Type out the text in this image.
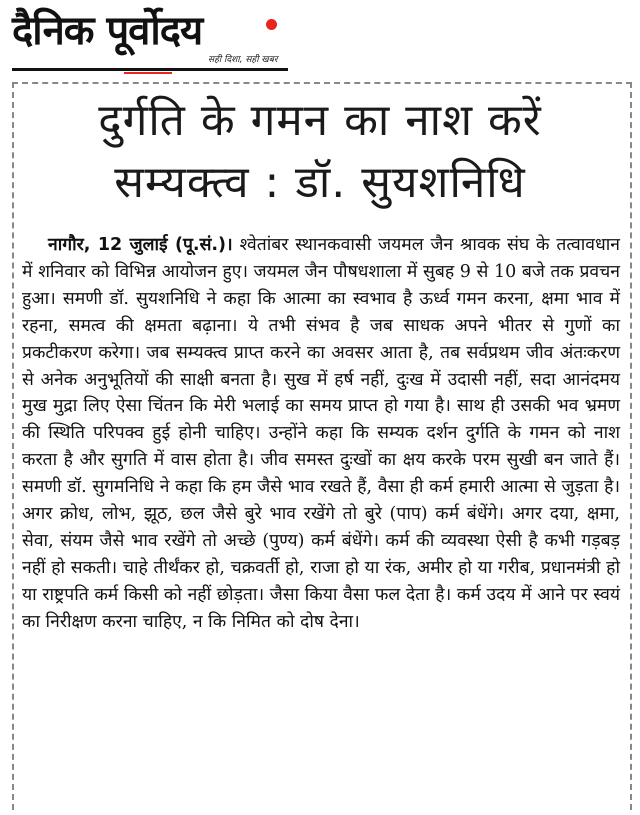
दैनिक पूर्वोदय
सही दिशा, सही खबर
दुर्गति के गमन का नाश करें
सम्यक्त्व : डॉ. सुयशनिधि
नागौर, 12 जुलाई (पू.सं.)। श्वेतांबर स्थानकवासी जयमल जैन श्रावक संघ के तत्वावधान में शनिवार को विभिन्न आयोजन हुए। जयमल जैन पौषधशाला में सुबह 9 से 10 बजे तक प्रवचन हुआ। समणी डॉ. सुयशनिधि ने कहा कि आत्मा का स्वभाव है ऊर्ध्व गमन करना, क्षमा भाव में रहना, समत्व की क्षमता बढ़ाना। ये तभी संभव है जब साधक अपने भीतर से गुणों का प्रकटीकरण करेगा। जब सम्यक्त्व प्राप्त करने का अवसर आता है, तब सर्वप्रथम जीव अंतःकरण से अनेक अनुभूतियों की साक्षी बनता है। सुख में हर्ष नहीं, दुःख में उदासी नहीं, सदा आनंदमय मुख मुद्रा लिए ऐसा चिंतन कि मेरी भलाई का समय प्राप्त हो गया है। साथ ही उसकी भव भ्रमण की स्थिति परिपक्व हुई होनी चाहिए। उन्होंने कहा कि सम्यक दर्शन दुर्गति के गमन को नाश करता है और सुगति में वास होता है। जीव समस्त दुःखों का क्षय करके परम सुखी बन जाते हैं। समणी डॉ. सुगमनिधि ने कहा कि हम जैसे भाव रखते हैं, वैसा ही कर्म हमारी आत्मा से जुड़ता है। अगर क्रोध, लोभ, झूठ, छल जैसे बुरे भाव रखेंगे तो बुरे (पाप) कर्म बंधेंगे। अगर दया, क्षमा, सेवा, संयम जैसे भाव रखेंगे तो अच्छे (पुण्य) कर्म बंधेंगे। कर्म की व्यवस्था ऐसी है कभी गड़बड़ नहीं हो सकती। चाहे तीर्थंकर हो, चक्रवर्ती हो, राजा हो या रंक, अमीर हो या गरीब, प्रधानमंत्री हो या राष्ट्रपति कर्म किसी को नहीं छोड़ता। जैसा किया वैसा फल देता है। कर्म उदय में आने पर स्वयं का निरीक्षण करना चाहिए, न कि निमित को दोष देना।
